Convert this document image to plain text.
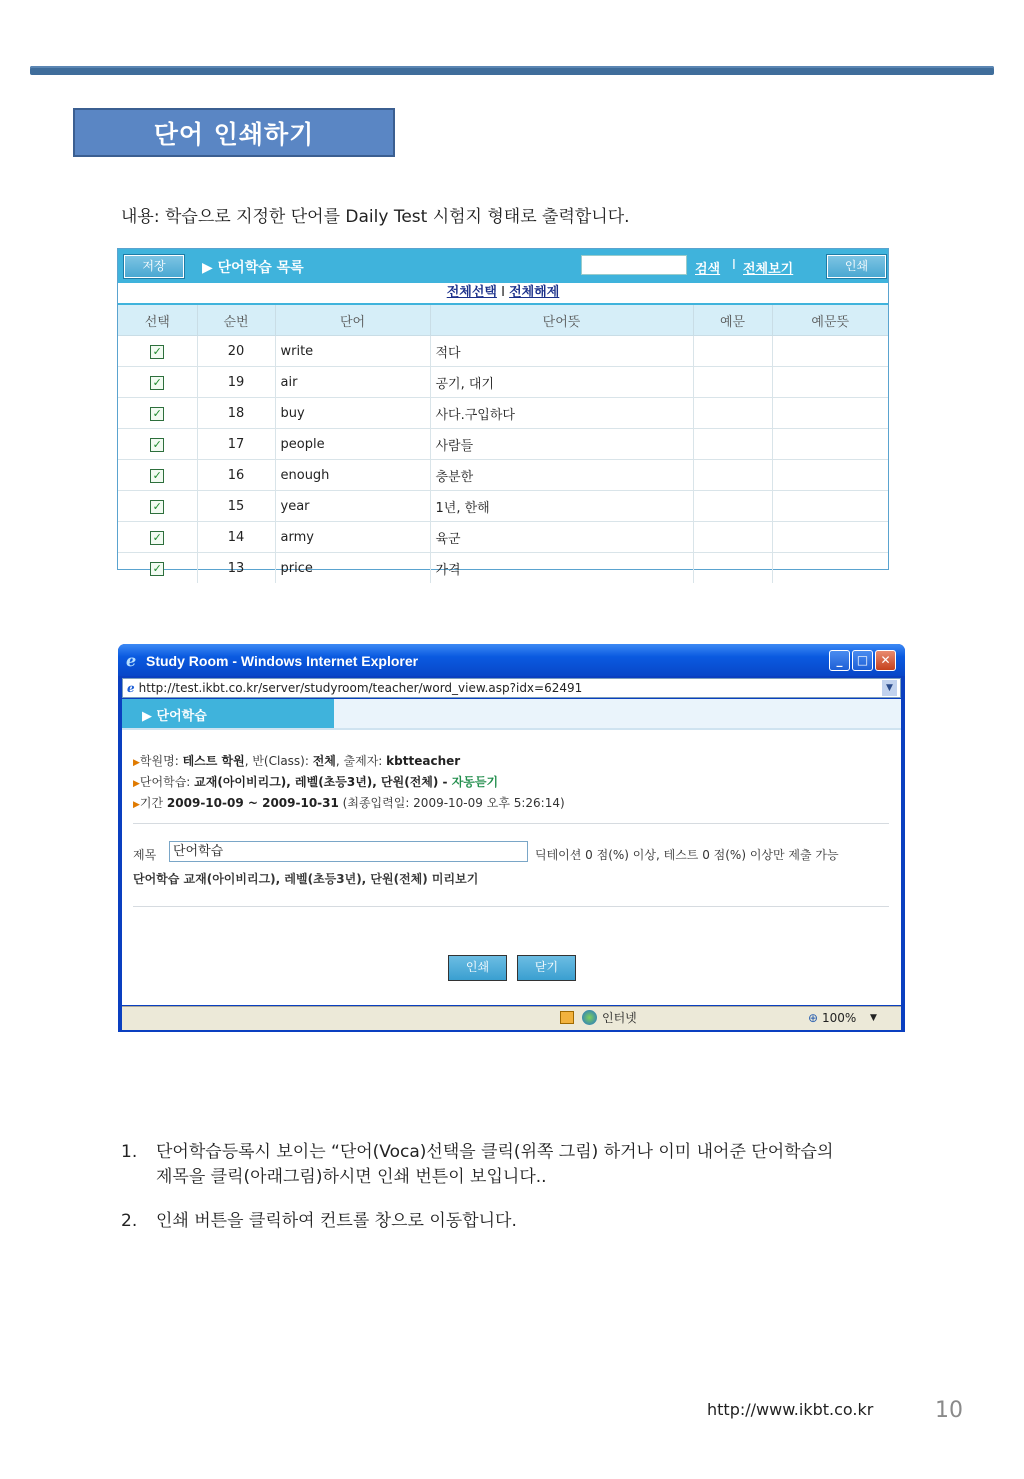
단어 인쇄하기
내용: 학습으로 지정한 단어를 Daily Test 시험지 형태로 출력합니다.
저장	▶ 단어학습 목록	검색 I 전체보기	인쇄
전체선택 I 전체해제
선택	순번	단어	단어뜻	예문	예문뜻
✓	20	write	적다		
✓	19	air	공기, 대기		
✓	18	buy	사다.구입하다		
✓	17	people	사람들		
✓	16	enough	충분한		
✓	15	year	1년, 한해		
✓	14	army	육군		
✓	13	price	가격		
ℯ Study Room - Windows Internet Explorer	_	□	✕
ℯ http://test.ikbt.co.kr/server/studyroom/teacher/word_view.asp?idx=62491	▼
▶ 단어학습
▶학원명: 테스트 학원, 반(Class): 전체, 출제자: kbtteacher
▶단어학습: 교재(아이비리그), 레벨(초등3년), 단원(전체) - 자동듣기
▶기간 2009-10-09 ~ 2009-10-31 (최종입력일: 2009-10-09 오후 5:26:14)
제목	단어학습	딕테이션 0 점(%) 이상, 테스트 0 점(%) 이상만 제출 가능
단어학습 교재(아이비리그), 레벨(초등3년), 단원(전체) 미리보기
인쇄	닫기
인터넷	⊕ 100% ▼
1. 단어학습등록시 보이는 “단어(Voca)선택을 클릭(위쪽 그림) 하거나 이미 내어준 단어학습의
제목을 클릭(아래그림)하시면 인쇄 번튼이 보입니다..
2. 인쇄 버튼을 클릭하여 컨트롤 창으로 이동합니다.
http://www.ikbt.co.kr	10
